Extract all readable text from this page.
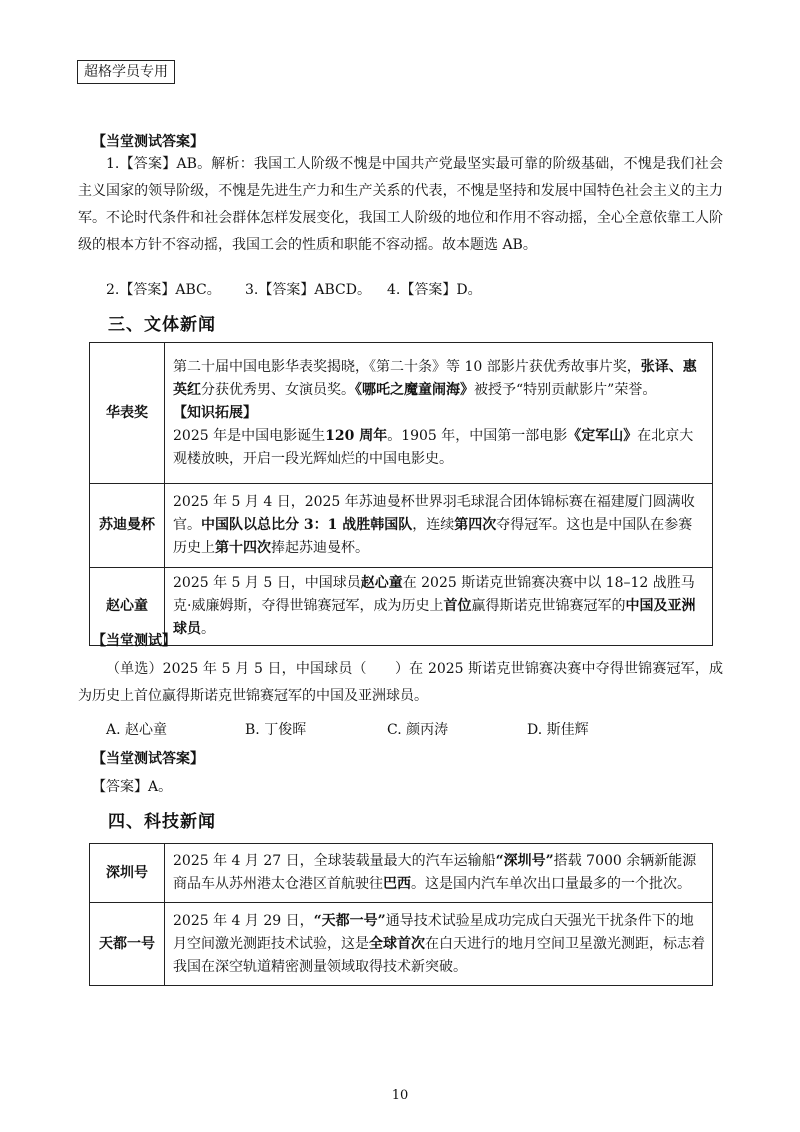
超格学员专用
【当堂测试答案】
1.【答案】AB。解析：我国工人阶级不愧是中国共产党最坚实最可靠的阶级基础，不愧是我们社会主义国家的领导阶级，不愧是先进生产力和生产关系的代表，不愧是坚持和发展中国特色社会主义的主力军。不论时代条件和社会群体怎样发展变化，我国工人阶级的地位和作用不容动摇，全心全意依靠工人阶级的根本方针不容动摇，我国工会的性质和职能不容动摇。故本题选 AB。
2.【答案】ABC。 3.【答案】ABCD。 4.【答案】D。
三、文体新闻
华表奖	第二十届中国电影华表奖揭晓，《第二十条》等 10 部影片获优秀故事片奖，张译、惠英红分获优秀男、女演员奖。《哪吒之魔童闹海》被授予“特别贡献影片”荣誉。
【知识拓展】
2025 年是中国电影诞生120 周年。1905 年，中国第一部电影《定军山》在北京大观楼放映，开启一段光辉灿烂的中国电影史。
苏迪曼杯	2025 年 5 月 4 日，2025 年苏迪曼杯世界羽毛球混合团体锦标赛在福建厦门圆满收官。中国队以总比分 3：1 战胜韩国队，连续第四次夺得冠军。这也是中国队在参赛历史上第十四次捧起苏迪曼杯。
赵心童	2025 年 5 月 5 日，中国球员赵心童在 2025 斯诺克世锦赛决赛中以 18–12 战胜马克·威廉姆斯，夺得世锦赛冠军，成为历史上首位赢得斯诺克世锦赛冠军的中国及亚洲球员。
【当堂测试】
（单选）2025 年 5 月 5 日，中国球员（　　）在 2025 斯诺克世锦赛决赛中夺得世锦赛冠军，成为历史上首位赢得斯诺克世锦赛冠军的中国及亚洲球员。
A. 赵心童	B. 丁俊晖	C. 颜丙涛	D. 斯佳辉
【当堂测试答案】
【答案】A。
四、科技新闻
深圳号	2025 年 4 月 27 日，全球装载量最大的汽车运输船“深圳号”搭载 7000 余辆新能源商品车从苏州港太仓港区首航驶往巴西。这是国内汽车单次出口量最多的一个批次。
天都一号	2025 年 4 月 29 日，“天都一号”通导技术试验星成功完成白天强光干扰条件下的地月空间激光测距技术试验，这是全球首次在白天进行的地月空间卫星激光测距，标志着我国在深空轨道精密测量领域取得技术新突破。
10
